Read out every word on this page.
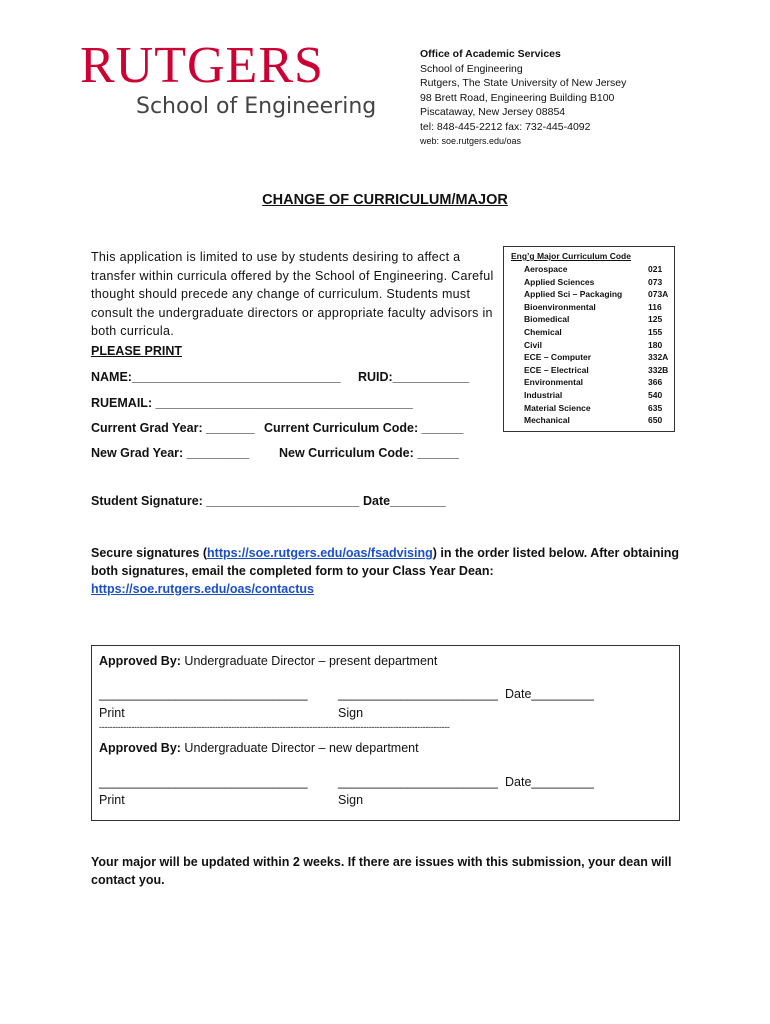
RUTGERS
School of Engineering
Office of Academic Services
School of Engineering
Rutgers, The State University of New Jersey
98 Brett Road, Engineering Building B100
Piscataway, New Jersey 08854
tel: 848-445-2212 fax: 732-445-4092
web: soe.rutgers.edu/oas
CHANGE OF CURRICULUM/MAJOR
This application is limited to use by students desiring to affect a transfer within curricula offered by the School of Engineering. Careful thought should precede any change of curriculum. Students must consult the undergraduate directors or appropriate faculty advisors in both curricula.
Eng’g Major Curriculum Code
Aerospace	021
Applied Sciences	073
Applied Sci – Packaging	073A
Bioenvironmental	116
Biomedical	125
Chemical	155
Civil	180
ECE – Computer	332A
ECE – Electrical	332B
Environmental	366
Industrial	540
Material Science	635
Mechanical	650
PLEASE PRINT
NAME:______________________________ RUID:___________
RUEMAIL: _____________________________________
Current Grad Year: _______ Current Curriculum Code: ______
New Grad Year: _________ New Curriculum Code: ______
Student Signature: ______________________ Date________
Secure signatures (https://soe.rutgers.edu/oas/fsadvising) in the order listed below. After obtaining both signatures, email the completed form to your Class Year Dean: https://soe.rutgers.edu/oas/contactus
Approved By: Undergraduate Director – present department
______________________________ _______________________ Date_________
Print	Sign
----------------------------------------------------------------------------------------------------------------------------------
Approved By: Undergraduate Director – new department
______________________________ _______________________ Date_________
Print	Sign
Your major will be updated within 2 weeks. If there are issues with this submission, your dean will contact you.
